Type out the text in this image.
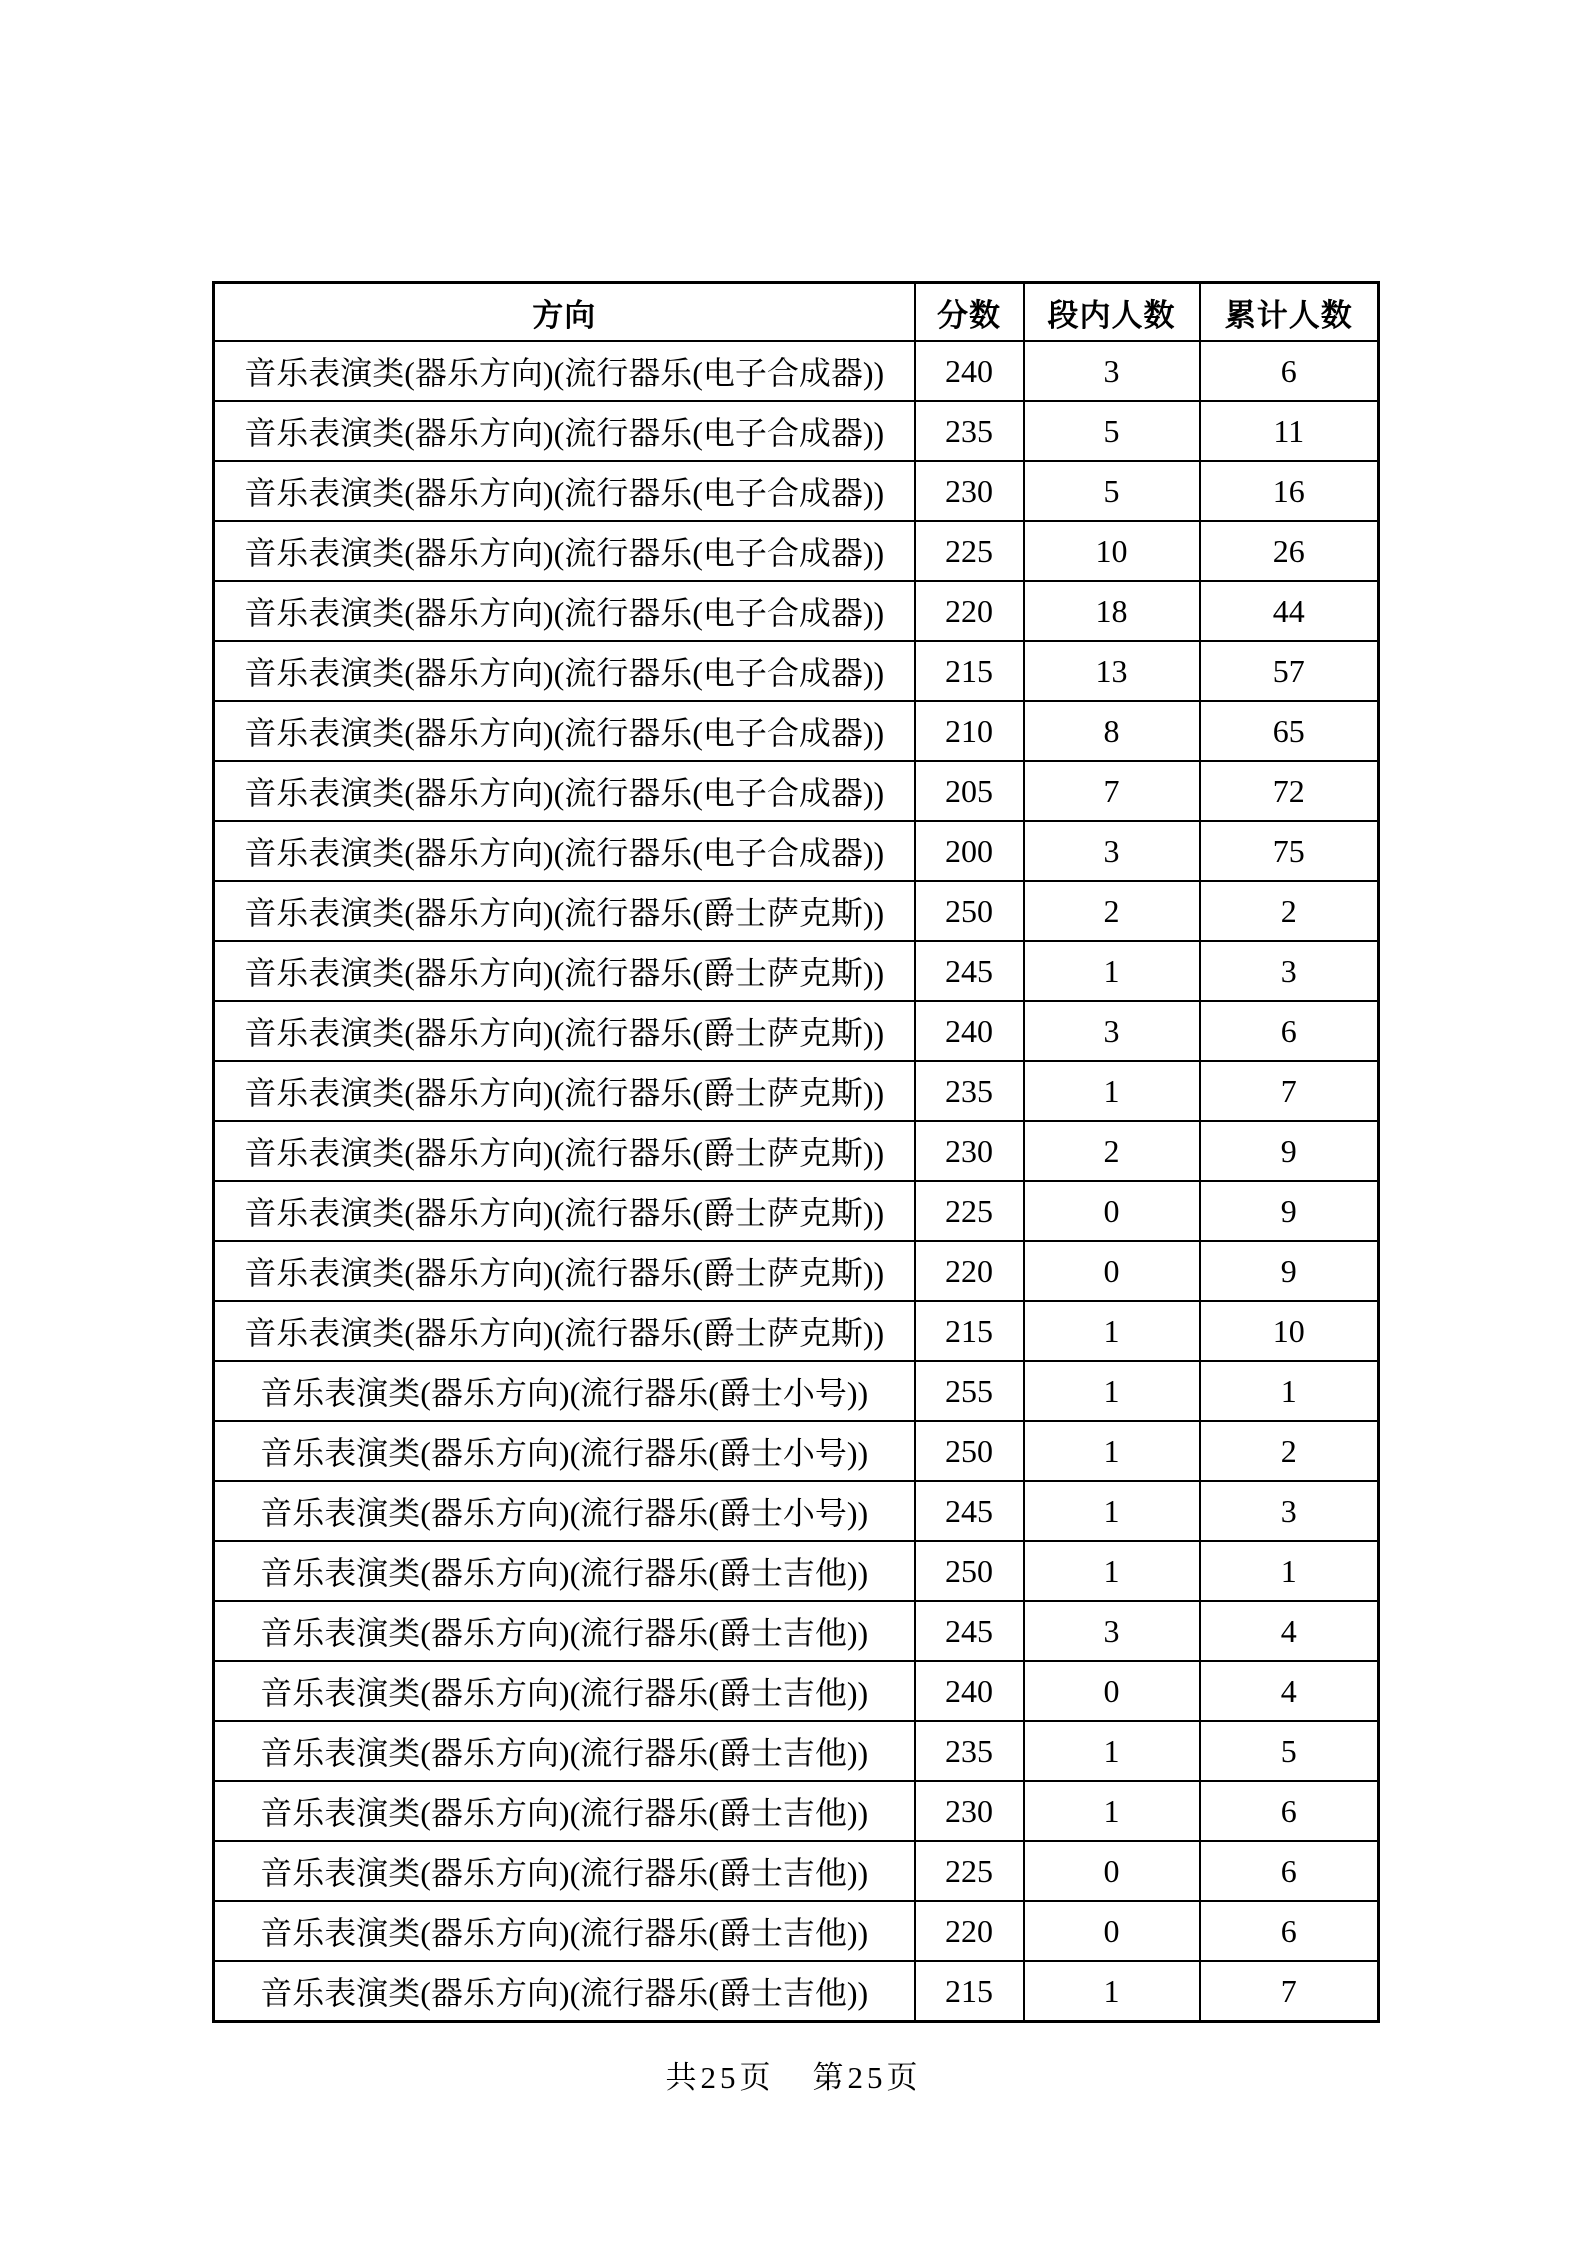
方向	分数	段内人数	累计人数
音乐表演类(器乐方向)(流行器乐(电子合成器))	240	3	6
音乐表演类(器乐方向)(流行器乐(电子合成器))	235	5	11
音乐表演类(器乐方向)(流行器乐(电子合成器))	230	5	16
音乐表演类(器乐方向)(流行器乐(电子合成器))	225	10	26
音乐表演类(器乐方向)(流行器乐(电子合成器))	220	18	44
音乐表演类(器乐方向)(流行器乐(电子合成器))	215	13	57
音乐表演类(器乐方向)(流行器乐(电子合成器))	210	8	65
音乐表演类(器乐方向)(流行器乐(电子合成器))	205	7	72
音乐表演类(器乐方向)(流行器乐(电子合成器))	200	3	75
音乐表演类(器乐方向)(流行器乐(爵士萨克斯))	250	2	2
音乐表演类(器乐方向)(流行器乐(爵士萨克斯))	245	1	3
音乐表演类(器乐方向)(流行器乐(爵士萨克斯))	240	3	6
音乐表演类(器乐方向)(流行器乐(爵士萨克斯))	235	1	7
音乐表演类(器乐方向)(流行器乐(爵士萨克斯))	230	2	9
音乐表演类(器乐方向)(流行器乐(爵士萨克斯))	225	0	9
音乐表演类(器乐方向)(流行器乐(爵士萨克斯))	220	0	9
音乐表演类(器乐方向)(流行器乐(爵士萨克斯))	215	1	10
音乐表演类(器乐方向)(流行器乐(爵士小号))	255	1	1
音乐表演类(器乐方向)(流行器乐(爵士小号))	250	1	2
音乐表演类(器乐方向)(流行器乐(爵士小号))	245	1	3
音乐表演类(器乐方向)(流行器乐(爵士吉他))	250	1	1
音乐表演类(器乐方向)(流行器乐(爵士吉他))	245	3	4
音乐表演类(器乐方向)(流行器乐(爵士吉他))	240	0	4
音乐表演类(器乐方向)(流行器乐(爵士吉他))	235	1	5
音乐表演类(器乐方向)(流行器乐(爵士吉他))	230	1	6
音乐表演类(器乐方向)(流行器乐(爵士吉他))	225	0	6
音乐表演类(器乐方向)(流行器乐(爵士吉他))	220	0	6
音乐表演类(器乐方向)(流行器乐(爵士吉他))	215	1	7
共25页 第25页
